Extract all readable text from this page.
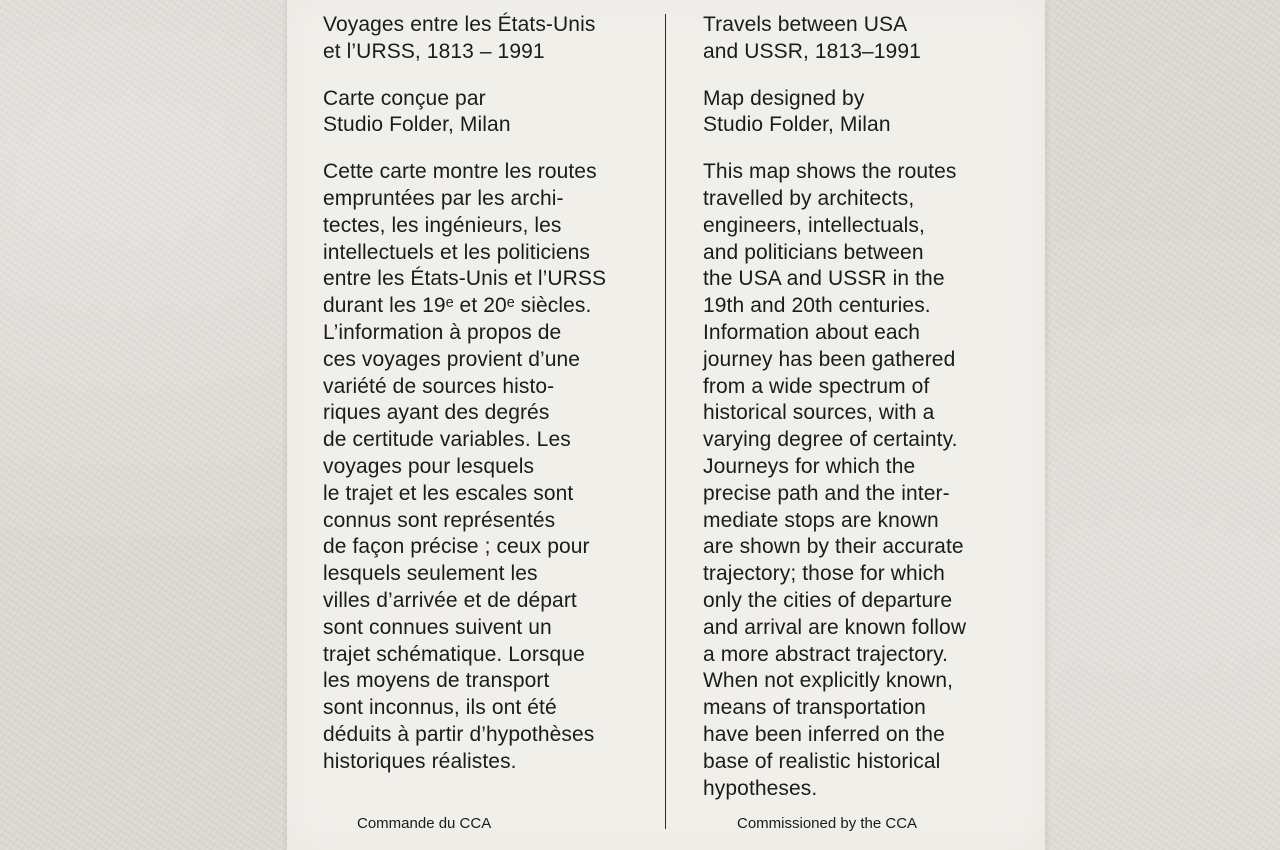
Voyages entre les États-Unis
et l’URSS, 1813 – 1991

Carte conçue par
Studio Folder, Milan

Cette carte montre les routes
empruntées par les archi-
tectes, les ingénieurs, les
intellectuels et les politiciens
entre les États-Unis et l’URSS
durant les 19ᵉ et 20ᵉ siècles.
L’information à propos de
ces voyages provient d’une
variété de sources histo-
riques ayant des degrés
de certitude variables. Les
voyages pour lesquels
le trajet et les escales sont
connus sont représentés
de façon précise ; ceux pour
lesquels seulement les
villes d’arrivée et de départ
sont connues suivent un
trajet schématique. Lorsque
les moyens de transport
sont inconnus, ils ont été
déduits à partir d’hypothèses
historiques réalistes.

Travels between USA
and USSR, 1813–1991

Map designed by
Studio Folder, Milan

This map shows the routes
travelled by architects,
engineers, intellectuals,
and politicians between
the USA and USSR in the
19th and 20th centuries.
Information about each
journey has been gathered
from a wide spectrum of
historical sources, with a
varying degree of certainty.
Journeys for which the
precise path and the inter-
mediate stops are known
are shown by their accurate
trajectory; those for which
only the cities of departure
and arrival are known follow
a more abstract trajectory.
When not explicitly known,
means of transportation
have been inferred on the
base of realistic historical
hypotheses.

Commande du CCA	Commissioned by the CCA
